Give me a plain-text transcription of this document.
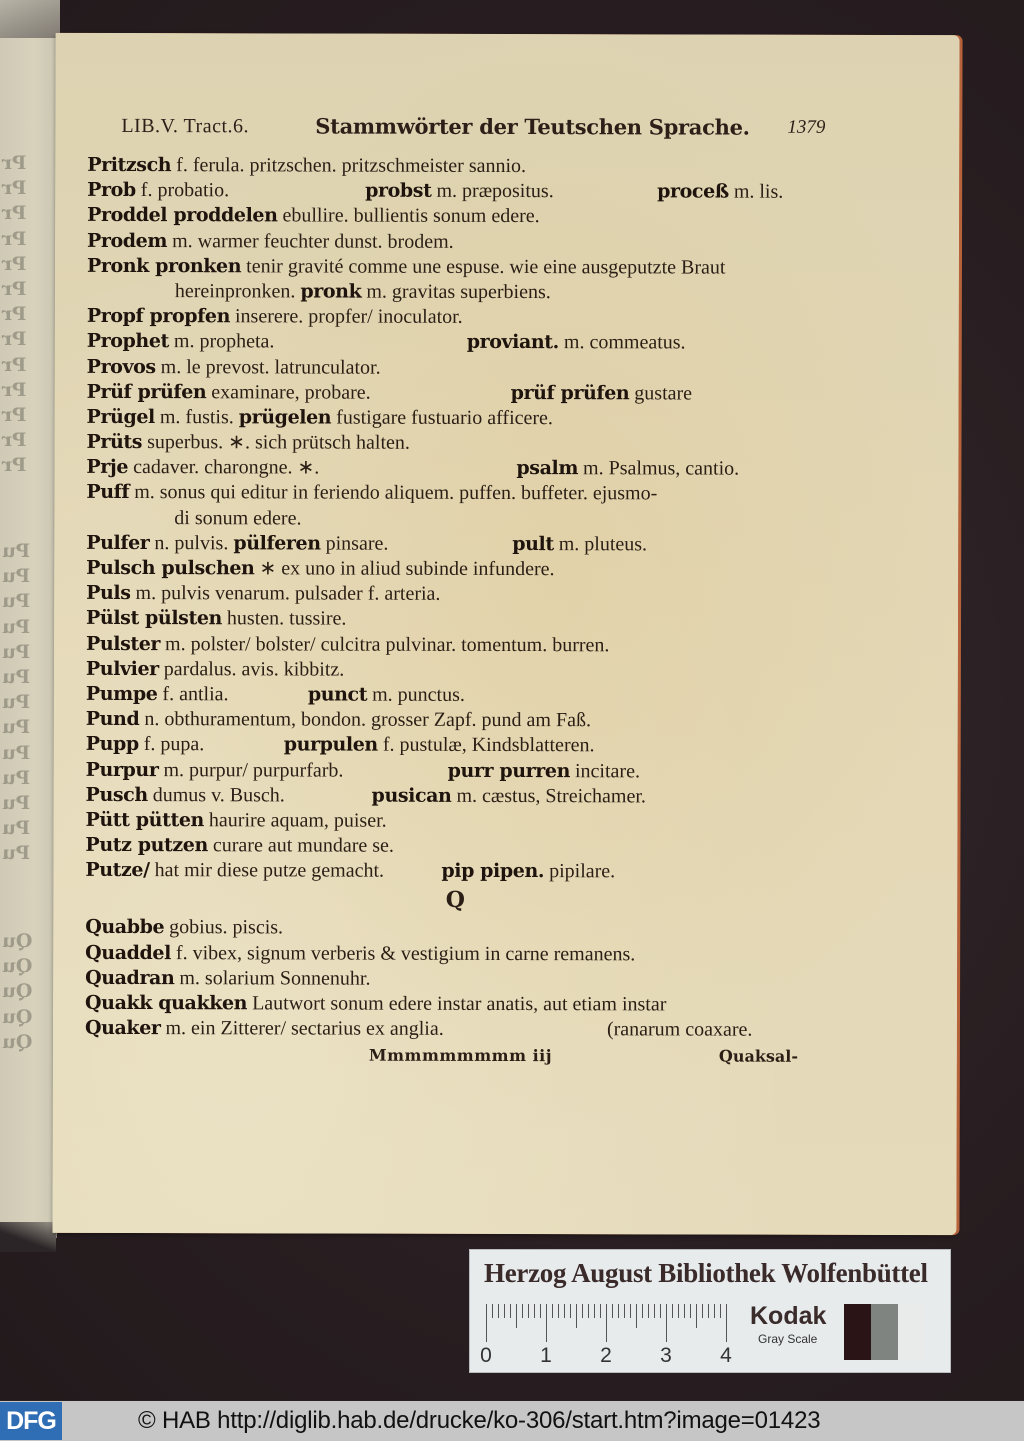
Pr
Pr
Pr
Pr
Pr
Pr
Pr
Pr
Pr
Pr
Pr
Pr
Pr
Pu
Pu
Pu
Pu
Pu
Pu
Pu
Pu
Pu
Pu
Pu
Pu
Pu
Qu
Qu
Qu
Qu
Qu
LIB.V. Tract.6.	Stammwörter der Teutschen Sprache. 1379
Pritzsch f. ferula. pritzschen. pritzschmeister sannio.
Prob f. probatio.	probst m. præpositus.	proceß m. lis.
Proddel proddelen ebullire. bullientis sonum edere.
Prodem m. warmer feuchter dunst. brodem.
Pronk pronken tenir gravité comme une espuse. wie eine ausgeputzte Braut
hereinpronken. pronk m. gravitas superbiens.
Propf propfen inserere. propfer/ inoculator.
Prophet m. propheta.	proviant. m. commeatus.
Provos m. le prevost. latrunculator.
Prüf prüfen examinare, probare.	prüf prüfen gustare
Prügel m. fustis. prügelen fustigare fustuario afficere.
Prüts superbus. ∗. sich prütsch halten.
Prje cadaver. charongne. ∗.	psalm m. Psalmus, cantio.
Puff m. sonus qui editur in feriendo aliquem. puffen. buffeter. ejusmo-
di sonum edere.
Pulfer n. pulvis. pülferen pinsare.	pult m. pluteus.
Pulsch pulschen ∗ ex uno in aliud subinde infundere.
Puls m. pulvis venarum. pulsader f. arteria.
Pülst pülsten husten. tussire.
Pulster m. polster/ bolster/ culcitra pulvinar. tomentum. burren.
Pulvier pardalus. avis. kibbitz.
Pumpe f. antlia.	punct m. punctus.
Pund n. obthuramentum, bondon. grosser Zapf. pund am Faß.
Pupp f. pupa.	purpulen f. pustulæ, Kindsblatteren.
Purpur m. purpur/ purpurfarb.	purr purren incitare.
Pusch dumus v. Busch.	pusican m. cæstus, Streichamer.
Pütt pütten haurire aquam, puiser.
Putz putzen curare aut mundare se.
Putze/ hat mir diese putze gemacht.	pip pipen. pipilare.
Q
Quabbe gobius. piscis.
Quaddel f. vibex, signum verberis & vestigium in carne remanens.
Quadran m. solarium Sonnenuhr.
Quakk quakken Lautwort sonum edere instar anatis, aut etiam instar
Quaker m. ein Zitterer/ sectarius ex anglia.	(ranarum coaxare.
Mmmmmmmmm iij	Quaksal-
Herzog August Bibliothek Wolfenbüttel
0 1 2 3 4
Kodak
Gray Scale
DFG	© HAB http://diglib.hab.de/drucke/ko-306/start.htm?image=01423
